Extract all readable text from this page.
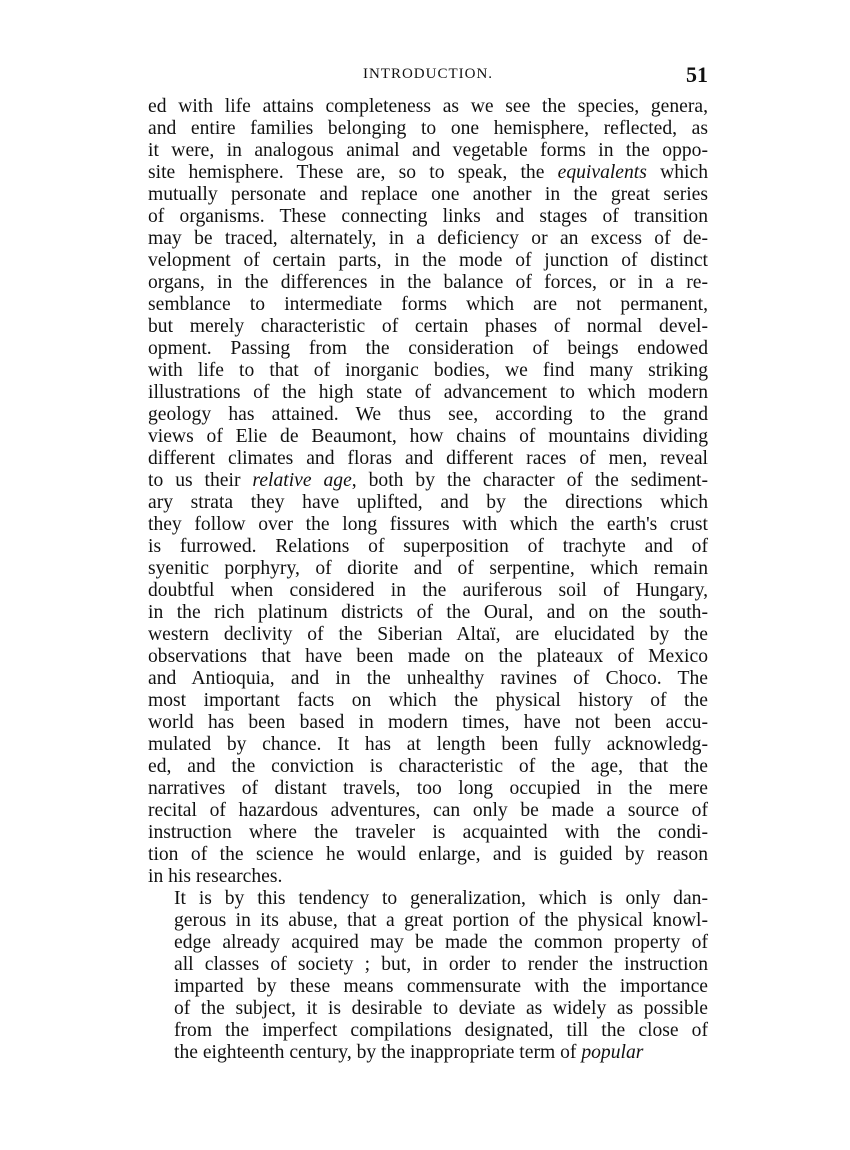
INTRODUCTION.	51
ed with life attains completeness as we see the species, genera,
and entire families belonging to one hemisphere, reflected, as
it were, in analogous animal and vegetable forms in the oppo-
site hemisphere. These are, so to speak, the equivalents which
mutually personate and replace one another in the great series
of organisms. These connecting links and stages of transition
may be traced, alternately, in a deficiency or an excess of de-
velopment of certain parts, in the mode of junction of distinct
organs, in the differences in the balance of forces, or in a re-
semblance to intermediate forms which are not permanent,
but merely characteristic of certain phases of normal devel-
opment. Passing from the consideration of beings endowed
with life to that of inorganic bodies, we find many striking
illustrations of the high state of advancement to which modern
geology has attained. We thus see, according to the grand
views of Elie de Beaumont, how chains of mountains dividing
different climates and floras and different races of men, reveal
to us their relative age, both by the character of the sediment-
ary strata they have uplifted, and by the directions which
they follow over the long fissures with which the earth's crust
is furrowed. Relations of superposition of trachyte and of
syenitic porphyry, of diorite and of serpentine, which remain
doubtful when considered in the auriferous soil of Hungary,
in the rich platinum districts of the Oural, and on the south-
western declivity of the Siberian Altaï, are elucidated by the
observations that have been made on the plateaux of Mexico
and Antioquia, and in the unhealthy ravines of Choco. The
most important facts on which the physical history of the
world has been based in modern times, have not been accu-
mulated by chance. It has at length been fully acknowledg-
ed, and the conviction is characteristic of the age, that the
narratives of distant travels, too long occupied in the mere
recital of hazardous adventures, can only be made a source of
instruction where the traveler is acquainted with the condi-
tion of the science he would enlarge, and is guided by reason
in his researches.
It is by this tendency to generalization, which is only dan-
gerous in its abuse, that a great portion of the physical knowl-
edge already acquired may be made the common property of
all classes of society ; but, in order to render the instruction
imparted by these means commensurate with the importance
of the subject, it is desirable to deviate as widely as possible
from the imperfect compilations designated, till the close of
the eighteenth century, by the inappropriate term of popular
